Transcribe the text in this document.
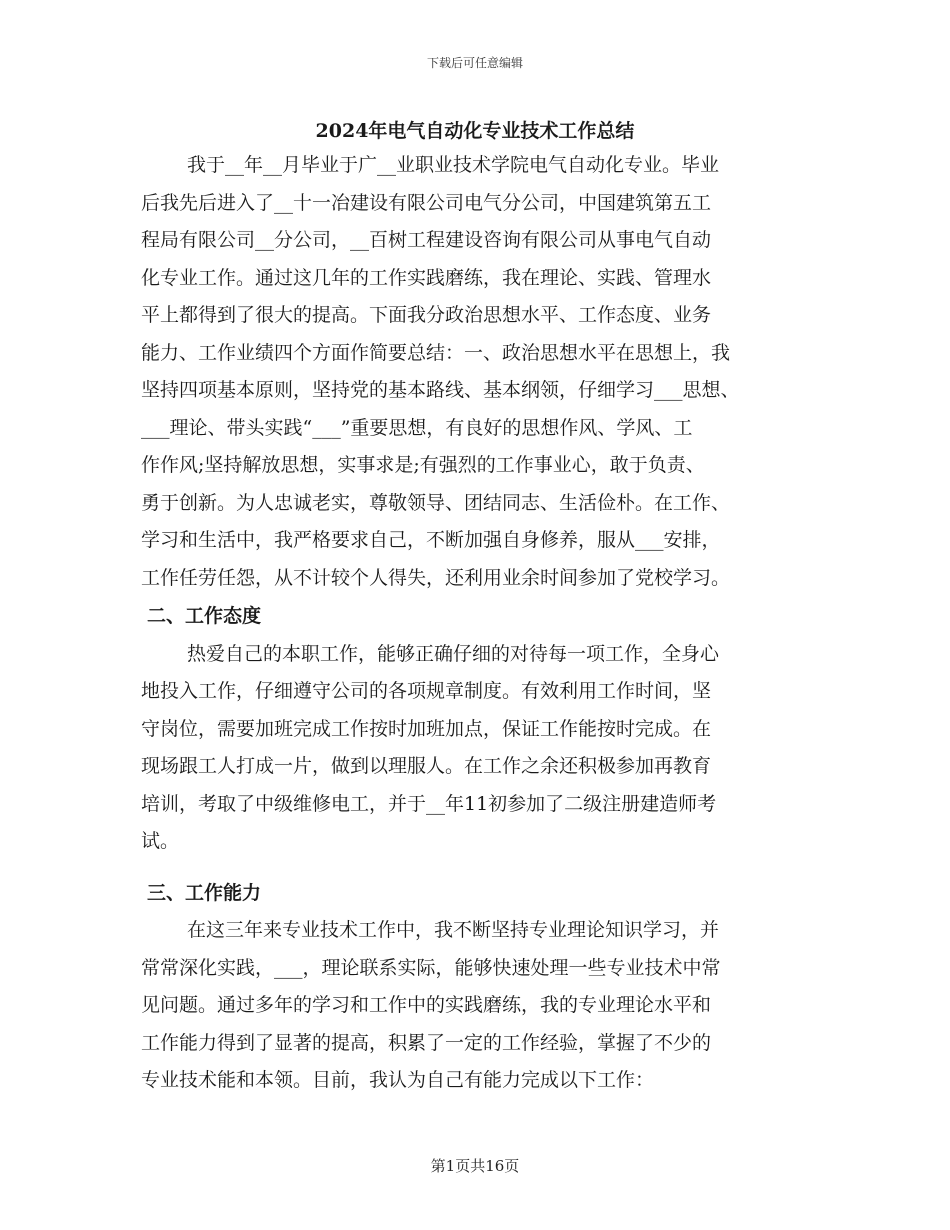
下载后可任意编辑
2024年电气自动化专业技术工作总结
我于__年__月毕业于广__业职业技术学院电气自动化专业。毕业
后我先后进入了__十一冶建设有限公司电气分公司，中国建筑第五工
程局有限公司__分公司，__百树工程建设咨询有限公司从事电气自动
化专业工作。通过这几年的工作实践磨练，我在理论、实践、管理水
平上都得到了很大的提高。下面我分政治思想水平、工作态度、业务
能力、工作业绩四个方面作简要总结：一、政治思想水平在思想上，我
坚持四项基本原则，坚持党的基本路线、基本纲领，仔细学习___思想、
___理论、带头实践“___”重要思想，有良好的思想作风、学风、工
作作风;坚持解放思想，实事求是;有强烈的工作事业心，敢于负责、
勇于创新。为人忠诚老实，尊敬领导、团结同志、生活俭朴。在工作、
学习和生活中，我严格要求自己，不断加强自身修养，服从___安排，
工作任劳任怨，从不计较个人得失，还利用业余时间参加了党校学习。
二、工作态度
热爱自己的本职工作，能够正确仔细的对待每一项工作，全身心
地投入工作，仔细遵守公司的各项规章制度。有效利用工作时间，坚
守岗位，需要加班完成工作按时加班加点，保证工作能按时完成。在
现场跟工人打成一片，做到以理服人。在工作之余还积极参加再教育
培训，考取了中级维修电工，并于__年11初参加了二级注册建造师考
试。
三、工作能力
在这三年来专业技术工作中，我不断坚持专业理论知识学习，并
常常深化实践，___，理论联系实际，能够快速处理一些专业技术中常
见问题。通过多年的学习和工作中的实践磨练，我的专业理论水平和
工作能力得到了显著的提高，积累了一定的工作经验，掌握了不少的
专业技术能和本领。目前，我认为自己有能力完成以下工作：
第1页共16页
